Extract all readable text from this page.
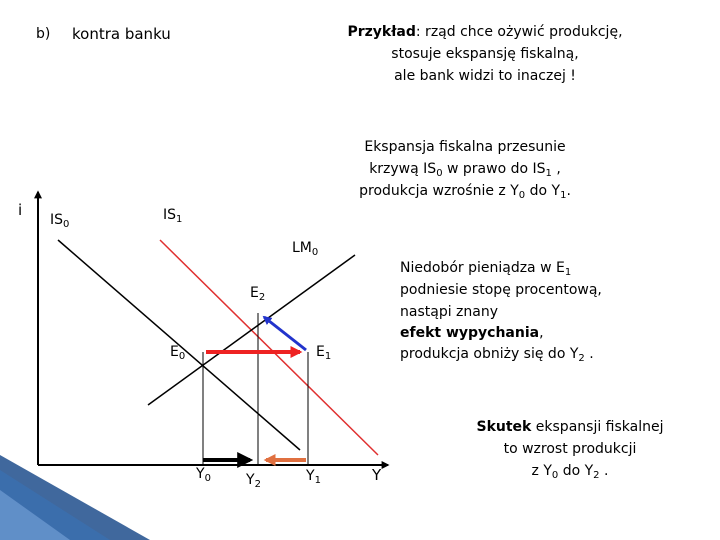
b) kontra banku	Przykład: rząd chce ożywić produkcję,
stosuje ekspansję fiskalną,
ale bank widzi to inaczej !
Ekspansja fiskalna przesunie
krzywą $IS_0$ w prawo do $IS_1$ ,
produkcja wzrośnie z $Y_0$ do $Y_1$.
i
Y
$IS_0$
$IS_1$
$LM_0$
$E_0$	$E_1$
$E_2$
$Y_0$	$Y_2$
$Y_1$
Niedobór pieniądza w $E_1$
podniesie stopę procentową,
nastąpi znany
efekt wypychania,
produkcja obniży się do $Y_2$ .
Skutek ekspansji fiskalnej
to wzrost produkcji
z $Y_0$ do $Y_2$ .
